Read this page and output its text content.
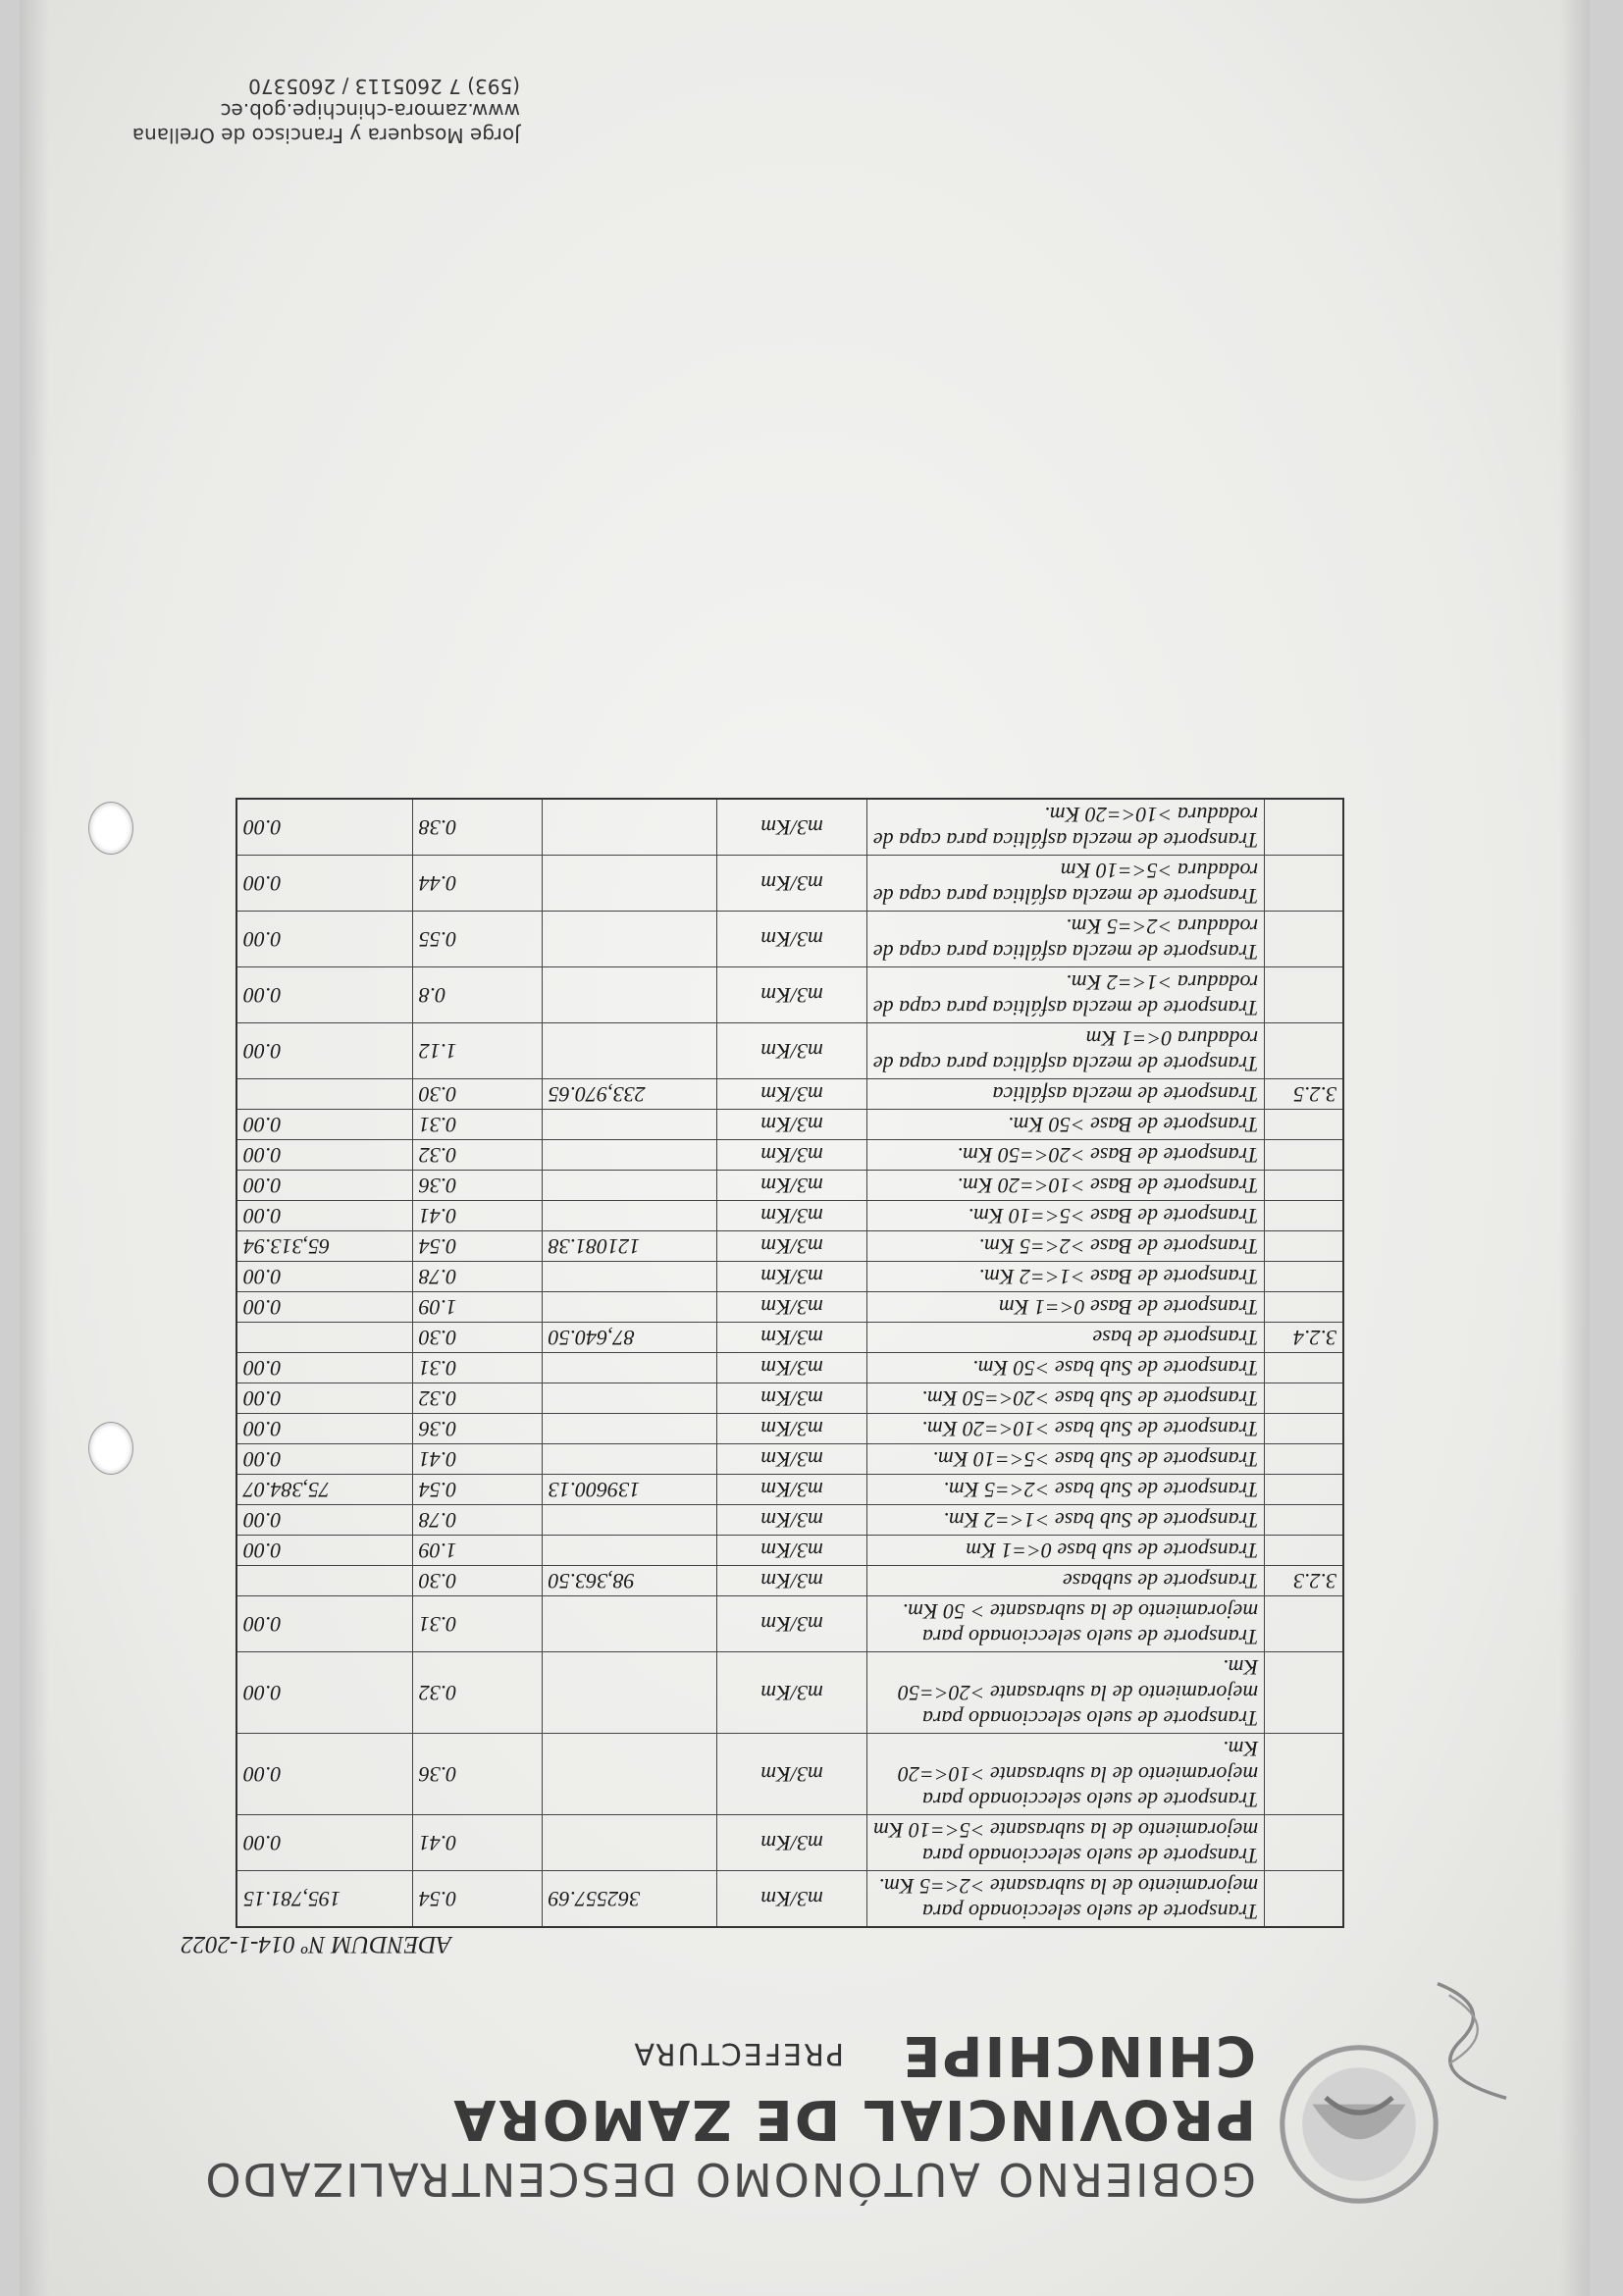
GOBIERNO AUTÓNOMO DESCENTRALIZADO
PROVINCIAL DE ZAMORA CHINCHIPE
PREFECTURA
ADENDUM Nº 014-1-2022
	Transporte de suelo seleccionado para mejoramiento de la subrasante >2<=5 Km.	m3/Km	362557.69	0.54	195,781.15
	Transporte de suelo seleccionado para mejoramiento de la subrasante >5<=10 Km	m3/Km		0.41	0.00
	Transporte de suelo seleccionado para mejoramiento de la subrasante >10<=20 Km.	m3/Km		0.36	0.00
	Transporte de suelo seleccionado para mejoramiento de la subrasante >20<=50 Km.	m3/Km		0.32	0.00
	Transporte de suelo seleccionado para mejoramiento de la subrasante > 50 Km.	m3/Km		0.31	0.00
3.2.3	Transporte de subbase	m3/Km	98,363.50	0.30	
	Transporte de sub base 0<=1 Km	m3/Km		1.09	0.00
	Transporte de Sub base >1<=2 Km.	m3/Km		0.78	0.00
	Transporte de Sub base >2<=5 Km.	m3/Km	139600.13	0.54	75,384.07
	Transporte de Sub base >5<=10 Km.	m3/Km		0.41	0.00
	Transporte de Sub base >10<=20 Km.	m3/Km		0.36	0.00
	Transporte de Sub base >20<=50 Km.	m3/Km		0.32	0.00
	Transporte de Sub base >50 Km.	m3/Km		0.31	0.00
3.2.4	Transporte de base	m3/Km	87,640.50	0.30	
	Transporte de Base 0<=1 Km	m3/Km		1.09	0.00
	Transporte de Base >1<=2 Km.	m3/Km		0.78	0.00
	Transporte de Base >2<=5 Km.	m3/Km	121081.38	0.54	65,313.94
	Transporte de Base >5<=10 Km.	m3/Km		0.41	0.00
	Transporte de Base >10<=20 Km.	m3/Km		0.36	0.00
	Transporte de Base >20<=50 Km.	m3/Km		0.32	0.00
	Transporte de Base >50 Km.	m3/Km		0.31	0.00
3.2.5	Transporte de mezcla asfáltica	m3/Km	233,970.65	0.30	
	Transporte de mezcla asfáltica para capa de rodadura 0<=1 Km	m3/Km		1.12	0.00
	Transporte de mezcla asfáltica para capa de rodadura >1<=2 Km.	m3/Km		0.8	0.00
	Transporte de mezcla asfáltica para capa de rodadura >2<=5 Km.	m3/Km		0.55	0.00
	Transporte de mezcla asfáltica para capa de rodadura >5<=10 Km	m3/Km		0.44	0.00
	Transporte de mezcla asfáltica para capa de rodadura >10<=20 Km.	m3/Km		0.38	0.00
Jorge Mosquera y Francisco de Orellana
www.zamora-chinchipe.gob.ec
(593) 7 2605113 / 2605370
